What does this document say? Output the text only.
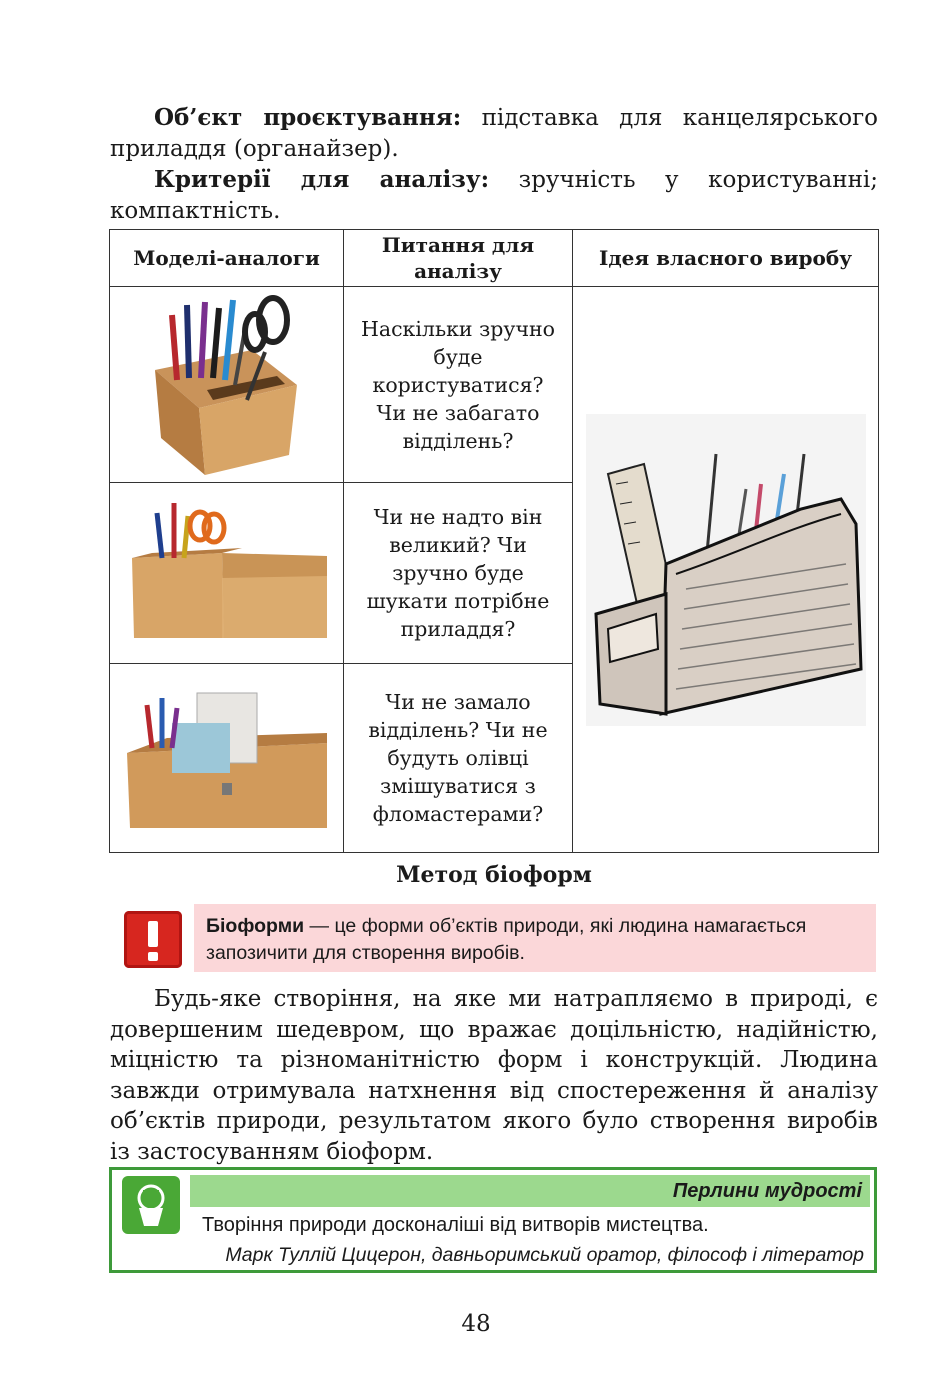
Об’єкт проєктування: підставка для канцелярського приладдя (органайзер).
Критерії для аналізу: зручність у користуванні; компактність.
Моделі-аналоги	Питання для аналізу	Ідея власного виробу

	Наскільки зручно буде користуватися? Чи не забагато відділень?	

	Чи не надто він великий? Чи зручно буде шукати потрібне приладдя?	

	Чи не замало відділень? Чи не будуть олівці змішуватися з фломастерами?	
Метод біоформ
Біоформи — це форми об’єктів природи, які людина намагається запозичити для створення виробів.
Будь-яке створіння, на яке ми натрапляємо в природі, є довершеним шедевром, що вражає доцільністю, надійністю, міцністю та різноманітністю форм і конструкцій. Людина завжди отримувала натхнення від спостереження й аналізу об’єктів природи, результатом якого було створення виробів із застосуванням біоформ.
Перлини мудрості
Творіння природи досконаліші від витворів мистецтва.
Марк Туллій Цицерон, давньоримський оратор, філософ і літератор
48
